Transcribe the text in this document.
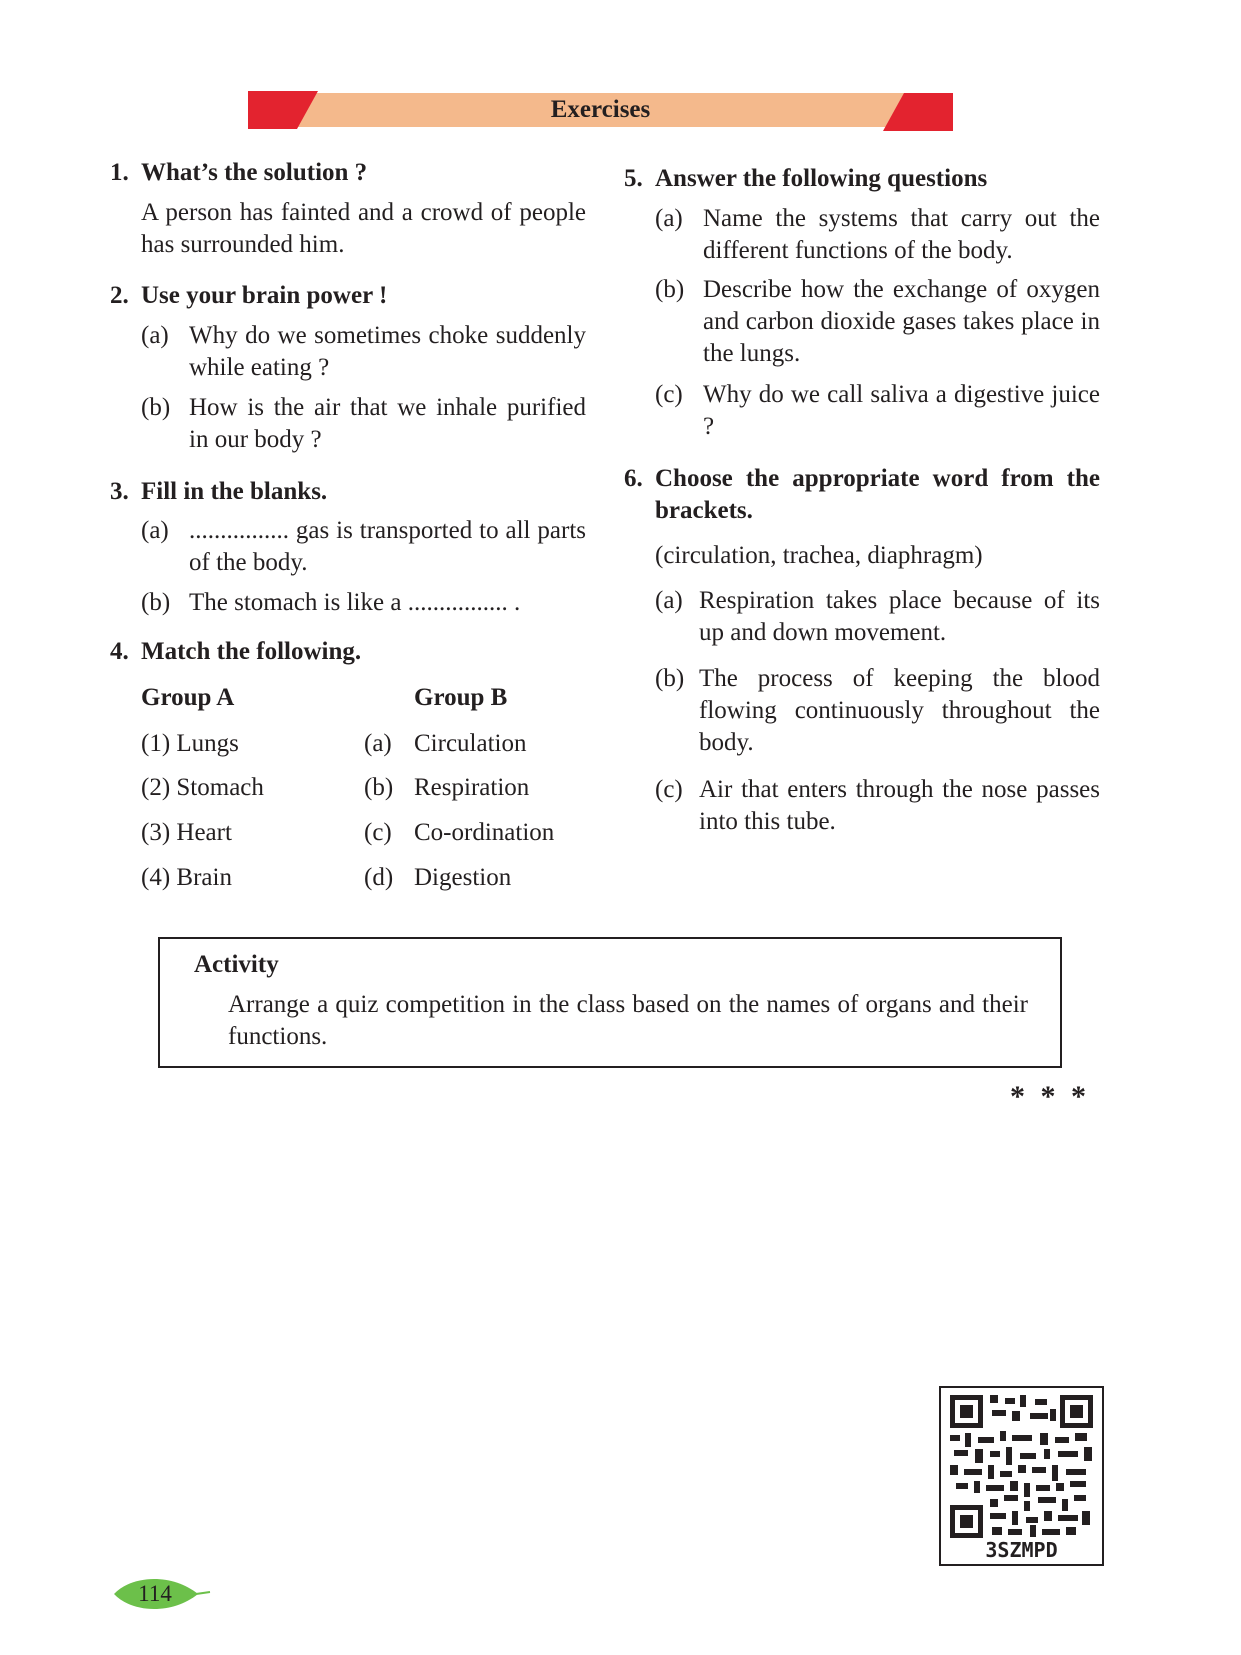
Exercises
1. What’s the solution ?
A person has fainted and a crowd of people has surrounded him.
2. Use your brain power !
(a) Why do we sometimes choke suddenly while eating ?
(b) How is the air that we inhale purified in our body ?
3. Fill in the blanks.
(a) ................ gas is transported to all parts of the body.
(b) The stomach is like a ................ .
4. Match the following.
Group A	Group B
(1) Lungs
(2) Stomach
(3) Heart
(4) Brain
(a) Circulation
(b) Respiration
(c) Co-ordination
(d) Digestion
5. Answer the following questions
(a) Name the systems that carry out the different functions of the body.
(b) Describe how the exchange of oxygen and carbon dioxide gases takes place in the lungs.
(c) Why do we call saliva a digestive juice ?
6. Choose the appropriate word from the brackets.
(circulation, trachea, diaphragm)
(a) Respiration takes place because of its up and down movement.
(b) The process of keeping the blood flowing continuously throughout the body.
(c) Air that enters through the nose passes into this tube.
Activity
Arrange a quiz competition in the class based on the names of organs and their functions.
* * *
3SZMPD
114
